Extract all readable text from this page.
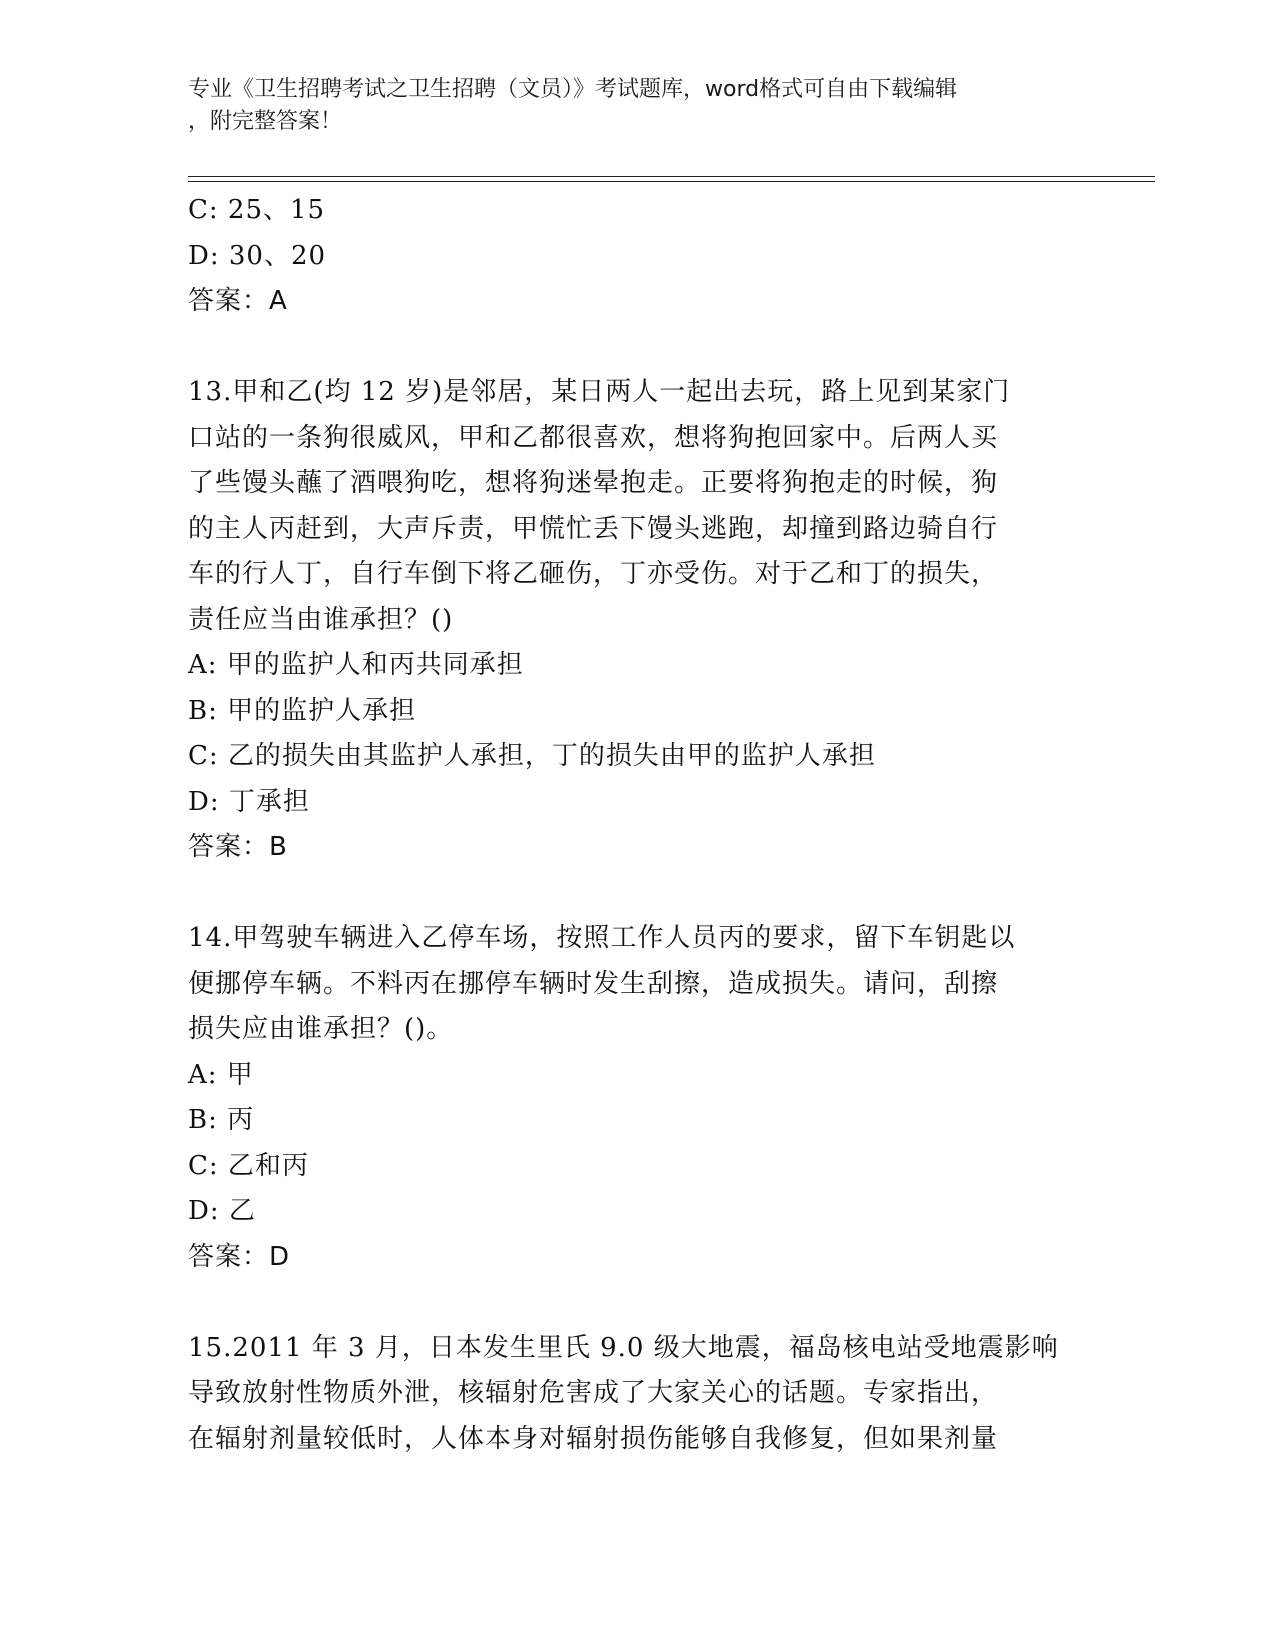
专业《卫生招聘考试之卫生招聘（文员）》考试题库，word格式可自由下载编辑
，附完整答案！
C: 25、15
D: 30、20
答案：A
13.甲和乙(均 12 岁)是邻居，某日两人一起出去玩，路上见到某家门
口站的一条狗很威风，甲和乙都很喜欢，想将狗抱回家中。后两人买
了些馒头蘸了酒喂狗吃，想将狗迷晕抱走。正要将狗抱走的时候，狗
的主人丙赶到，大声斥责，甲慌忙丢下馒头逃跑，却撞到路边骑自行
车的行人丁，自行车倒下将乙砸伤，丁亦受伤。对于乙和丁的损失，
责任应当由谁承担？()
A: 甲的监护人和丙共同承担
B: 甲的监护人承担
C: 乙的损失由其监护人承担，丁的损失由甲的监护人承担
D: 丁承担
答案：B
14.甲驾驶车辆进入乙停车场，按照工作人员丙的要求，留下车钥匙以
便挪停车辆。不料丙在挪停车辆时发生刮擦，造成损失。请问，刮擦
损失应由谁承担？()。
A: 甲
B: 丙
C: 乙和丙
D: 乙
答案：D
15.2011 年 3 月，日本发生里氏 9.0 级大地震，福岛核电站受地震影响
导致放射性物质外泄，核辐射危害成了大家关心的话题。专家指出，
在辐射剂量较低时，人体本身对辐射损伤能够自我修复，但如果剂量
